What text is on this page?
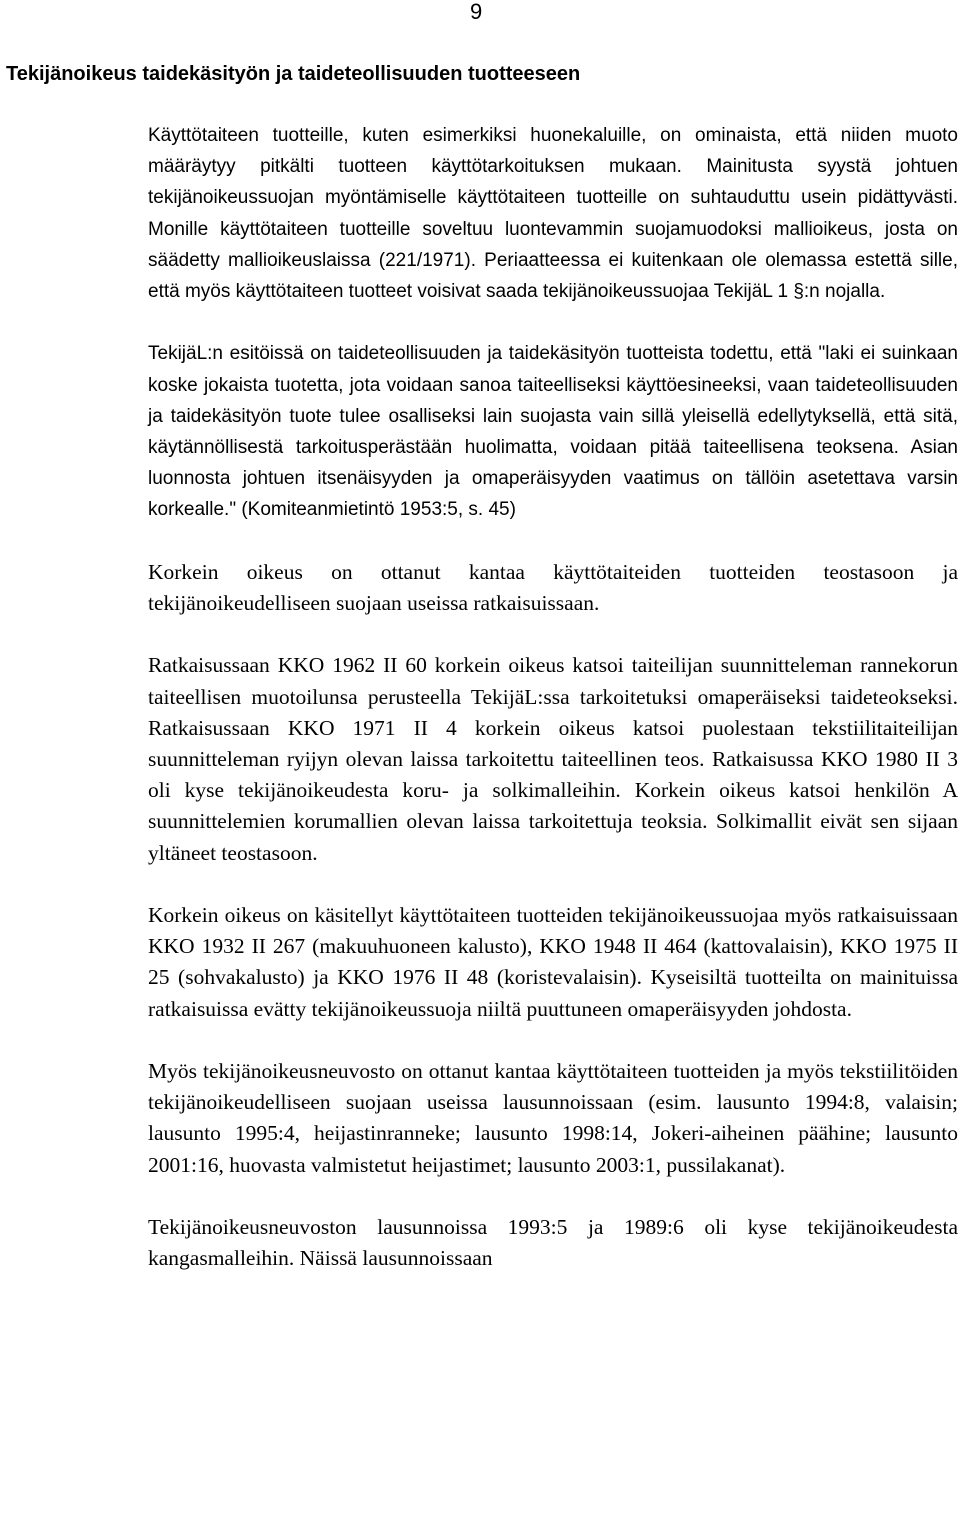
9
Tekijänoikeus taidekäsityön ja taideteollisuuden tuotteeseen

Käyttötaiteen tuotteille, kuten esimerkiksi huonekaluille, on ominaista, että niiden muoto määräytyy pitkälti tuotteen käyttötarkoituksen mukaan. Mainitusta syystä johtuen tekijänoikeussuojan myöntämiselle käyttötaiteen tuotteille on suhtauduttu usein pidättyvästi. Monille käyttötaiteen tuotteille soveltuu luontevammin suojamuodoksi mallioikeus, josta on säädetty mallioikeuslaissa (221/1971). Periaatteessa ei kuitenkaan ole olemassa estettä sille, että myös käyttötaiteen tuotteet voisivat saada tekijänoikeussuojaa TekijäL 1 §:n nojalla.

TekijäL:n esitöissä on taideteollisuuden ja taidekäsityön tuotteista todettu, että "laki ei suinkaan koske jokaista tuotetta, jota voidaan sanoa taiteelliseksi käyttöesineeksi, vaan taideteollisuuden ja taidekäsityön tuote tulee osalliseksi lain suojasta vain sillä yleisellä edellytyksellä, että sitä, käytännöllisestä tarkoitusperästään huolimatta, voidaan pitää taiteellisena teoksena. Asian luonnosta johtuen itsenäisyyden ja omaperäisyyden vaatimus on tällöin asetettava varsin korkealle." (Komiteanmietintö 1953:5, s. 45)

Korkein oikeus on ottanut kantaa käyttötaiteiden tuotteiden teostasoon ja tekijänoikeudelliseen suojaan useissa ratkaisuissaan.

Ratkaisussaan KKO 1962 II 60 korkein oikeus katsoi taiteilijan suunnitteleman rannekorun taiteellisen muotoilunsa perusteella TekijäL:ssa tarkoitetuksi omaperäiseksi taideteokseksi. Ratkaisussaan KKO 1971 II 4 korkein oikeus katsoi puolestaan tekstiilitaiteilijan suunnitteleman ryijyn olevan laissa tarkoitettu taiteellinen teos. Ratkaisussa KKO 1980 II 3 oli kyse tekijänoikeudesta koru- ja solkimalleihin. Korkein oikeus katsoi henkilön A suunnittelemien korumallien olevan laissa tarkoitettuja teoksia. Solkimallit eivät sen sijaan yltäneet teostasoon.

Korkein oikeus on käsitellyt käyttötaiteen tuotteiden tekijänoikeussuojaa myös ratkaisuissaan KKO 1932 II 267 (makuuhuoneen kalusto), KKO 1948 II 464 (kattovalaisin), KKO 1975 II 25 (sohvakalusto) ja KKO 1976 II 48 (koristevalaisin). Kyseisiltä tuotteilta on mainituissa ratkaisuissa evätty tekijänoikeussuoja niiltä puuttuneen omaperäisyyden johdosta.

Myös tekijänoikeusneuvosto on ottanut kantaa käyttötaiteen tuotteiden ja myös tekstiilitöiden tekijänoikeudelliseen suojaan useissa lausunnoissaan (esim. lausunto 1994:8, valaisin; lausunto 1995:4, heijastinranneke; lausunto 1998:14, Jokeri-aiheinen päähine; lausunto 2001:16, huovasta valmistetut heijastimet; lausunto 2003:1, pussilakanat).

Tekijänoikeusneuvoston lausunnoissa 1993:5 ja 1989:6 oli kyse tekijänoikeudesta kangasmalleihin. Näissä lausunnoissaan
